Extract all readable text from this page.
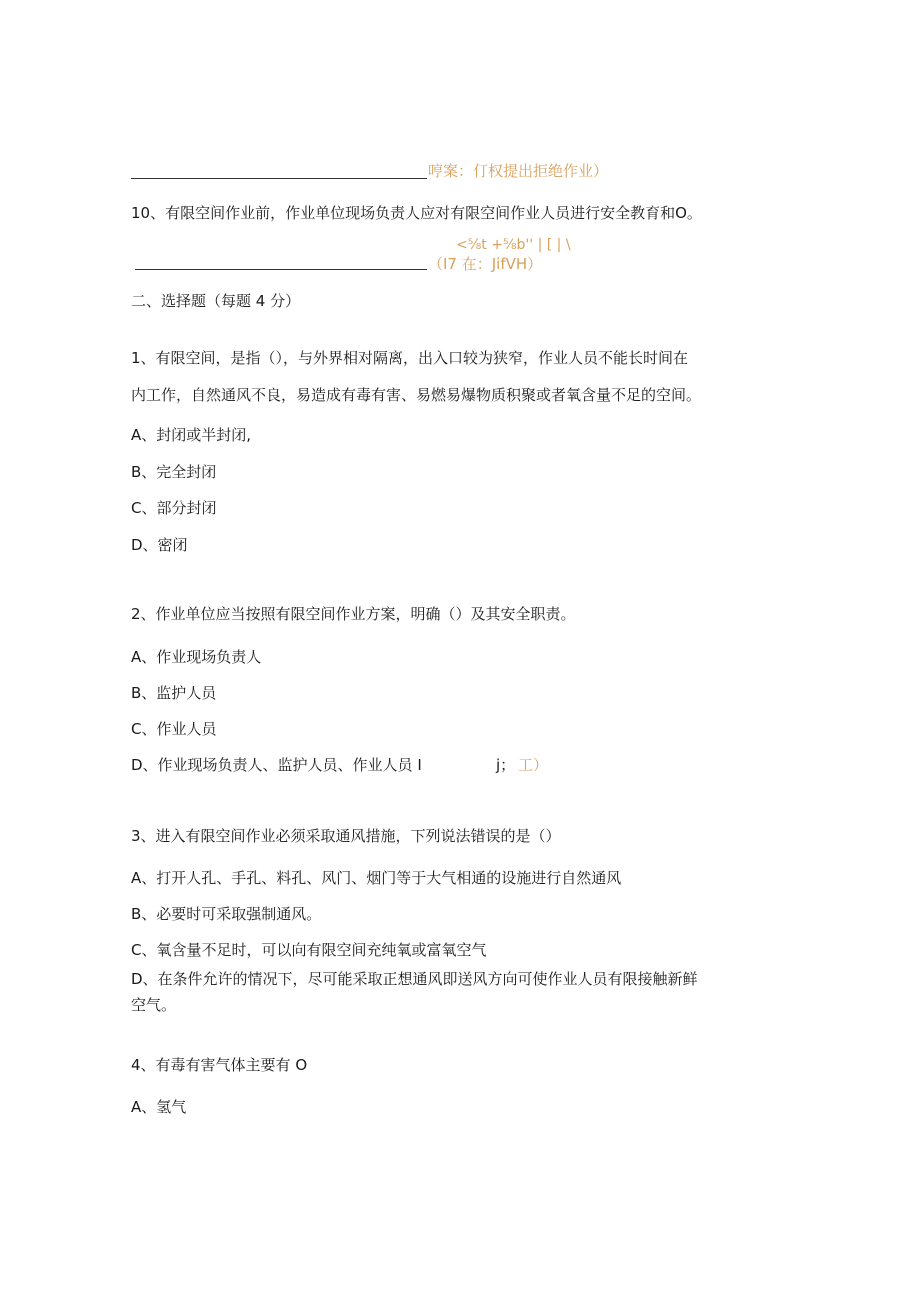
哼案：仃权提出拒绝作业）
10、有限空间作业前，作业单位现场负责人应对有限空间作业人员进行安全教育和O。
<⅝t +⅝b'' | [ | \
（I7 在：JifVH）
二、选择题（每题 4 分）
1、有限空间，是指（），与外界相对隔离，出入口较为狭窄，作业人员不能长时间在
内工作，自然通风不良，易造成有毒有害、易燃易爆物质积聚或者氧含量不足的空间。
A、封闭或半封闭,
B、完全封闭
C、部分封闭
D、密闭
2、作业单位应当按照有限空间作业方案，明确（）及其安全职责。
A、作业现场负责人
B、监护人员
C、作业人员
D、作业现场负责人、监护人员、作业人员 I	j； 工）
3、进入有限空间作业必须采取通风措施，下列说法错误的是（）
A、打开人孔、手孔、料孔、风门、烟门等于大气相通的设施进行自然通风
B、必要时可采取强制通风。
C、氧含量不足时，可以向有限空间充纯氧或富氧空气
D、在条件允许的情况下，尽可能采取正想通风即送风方向可使作业人员有限接触新鲜
空气。
4、有毒有害气体主要有 O
A、氢气
